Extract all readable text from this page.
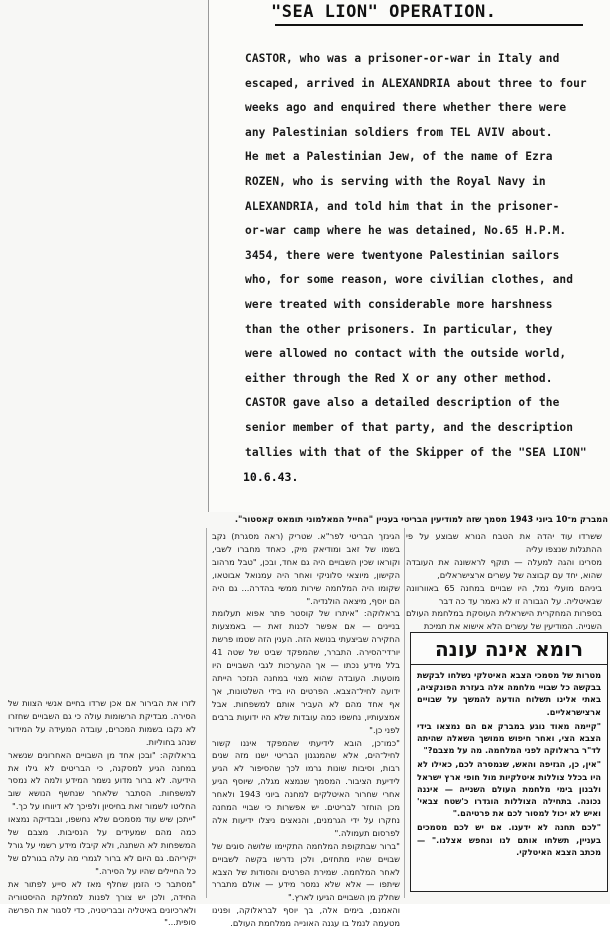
"SEA LION" OPERATION.
CASTOR, who was a prisoner-or-war in Italy and
escaped, arrived in ALEXANDRIA about three to four
weeks ago and enquired there whether there were
any Palestinian soldiers from TEL AVIV about.
He met a Palestinian Jew, of the name of Ezra
ROZEN, who is serving with the Royal Navy in
ALEXANDRIA, and told him that in the prisoner-
or-war camp where he was detained, No.65 H.P.M.
3454, there were twentyone Palestinian sailors
who, for some reason, wore civilian clothes, and
were treated with considerable more harshness
than the other prisoners. In particular, they
were allowed no contact with the outside world,
either through the Red X or any other method.
CASTOR gave also a detailed description of the
senior member of that party, and the description
tallies with that of the Skipper of the "SEA LION"
10.6.43.
המברק מ־10 ביוני 1943 מסמך שזה למודיעין הבריטי בעניין "החייל המאלמוני תומאס קאסטור".

ששרדו עוד יהדה את הטבח הנורא שבוצע על פי ההתגלות שנצפו עליה

מסרינו והגה למעלה — תוקף לראשונה את העובדה שהוא, יחד עם קבוצה של עשרים ארצישראלים,

ביניהם מועלי נמל, היו שבויים במחנה 65 באוורוונה שבאיטליה. על הגבורה זו לא נאמר עד כה דבר

בספרות המחקרית הישראלית העוסקת במלחמת העולם השנייה. המודיעין של עשרים הלא אישוא את תמיכת

רומא אינה עונה

מטרות של מסמכי הצבא האיטלקי נשלחו לבקשת בבקשה כל שבויי מלחמה אלה בעזרת הפונקציה, באתי אלינו תשלוח הודעה להמשך על שבויים ארצישראליים.

"קיימה מאוד נוגע במברק אם הם נמצאו בידי הצבא הצי, ואחר חיפוש ממושך השאלה שהיתה לד"ר בראלוקה לפני המלחמה. מה על מצבם?"

"אין, כן, הגזיפה והאש, שנמסרה לכם, כאילו לא היו בכלל צוללות איטלקיות מול חופי ארץ ישראל ולבנון בימי מלחמת העולם השנייה — איננה נכונה. בתחילה הצוללות הוגדרו כ'שטח צבאי' ואיש לא יכול למסור לכם את פרטיהם."

"לכם תחנה לא ידענו. אם יש לכם מסמכים בעניין, תשלחו אותם לנו ונחפש אצלנו." — מכתב הצבא האיטלקי.

הגינזך הבריטי לפר"א. שטריק (ראה מסגרת) נקב בשמו של זאב ומודיאק מיק, כאחד מחברו לשבי, וקוראו שכין השבויים היה גם אחד, ובכן, "טבל מרהוב הקישון, מיוצאי סלוניקי ואחר היה עמנואל אבוטאו, שקומו היה המלחמה שירות ממשי בהדרה... גם היה הם יוסף, מיצאה הולנדיה."

בראלוקה: "איתרו של קוסטר פתר אפוא תעלומת בניינים — אם אפשר לכנות זאת — באמצעות החקירה שביצעתי בנושא הזה. הענין הזה שטמו פרשת יורדי־הסירה. התברר, שהמפקד שביט של שטה 41 בלל מידע נכתו — אך ההערכות לגבי השבויים היו מוטעות. העובדה שהוא מצוי במחנה הנזכר הייתה ידועה לחיל־הצבא. הפרטים היו בידי השלטונות, אך אף אחד מהם לא העביר אותם למשפחות. אבל אמצעותיו, נחשפו כמה עובדות שלא היו ידועות ברבים לפני כן."

"כמו־כן, הובא לידיעתי שהמפקד איננו קשור לחיל־הים, אלא שהמנגנון הבריטי ישנו מזה שנים רבות, וסיבות שונות גרמו לכך שהסיפור לא הגיע לידיעת הציבור. המסמך שנמצא מגלה, שיוסף הגיע אחרי שחרור האיטלקים למחנה ביוני 1943 ולאחר מכן הוחזר לבריטים. יש אפשרות כי שבויי המחנה נחקרו על ידי הגרמנים, והנאצים ניצלו ידיעות אלה לפרסום תעמולה."

"ברור שבתקופת המלחמה התקיימו שלושה סוגים של שבויים שהיו מתחזים, ולכן נדרשו בקשה לשבויים לאחר המלחמה. שמירת הפרטים והסודות של הצבא שיתפו — אלא שלא נמסר מידע — אולם מתברר שחלק מן השבויים הגיעו לארץ."

והאמנם, בימים אלה, בך יוסף לבראלוקה, ופנינו מטעמה לנמל בו עגנה האונייה ממלחמת העולם.

לזרו את הבירור אם אכן שרדו בחיים אנשי הצוות של הסירה. מבדיקת הרשומות עולה כי גם השבויים שחזרו לא נקבו בשמות המכרים, עובדה המעידה על המידור שנהג בחוליות.

בראלוקה: "ובכן אחד מן השבויים האחרונים שנשאר במחנה הגיע למסקנה, כי הבריטים לא גילו את הידיעה. לא ברור מדוע נשמר המידע ולמה לא נמסר למשפחות. הסתבר שלאחר שנחשף הנושא שוב החליטו לשמור זאת בחיסיון ולפיכך לא דיווחו על כך."

"ייתכן שיש עוד מסמכים שלא נחשפו, ובבדיקה נמצאו כמה מהם שמעידים על הנסיבות. מצבם של המשפחות לא השתנה, ולא קיבלו מידע רשמי על גורל יקיריהם. גם היום לא ברור לגמרי מה עלה בגורלם של כל החיילים שהיו על הסירה."

"מסתבר כי הזמן שחלף מאז לא סייע לפתור את החידה, ולכן יש צורך לפנות למחלקת ההיסטוריה ולארכיונים באיטליה ובבריטניה, כדי לסגור את הפרשה סופית..."
